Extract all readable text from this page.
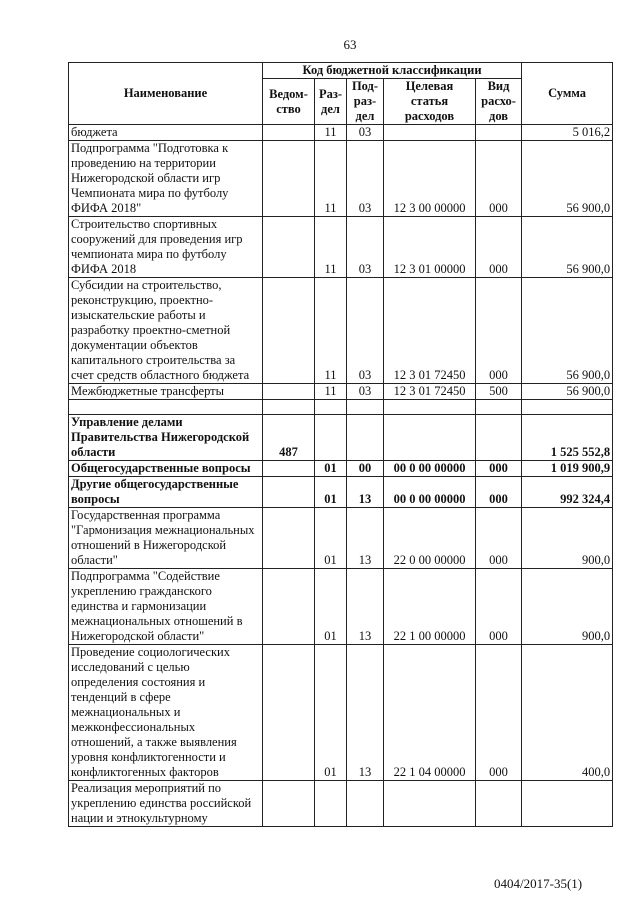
63
Наименование	Код бюджетной классификации					Сумма
	Ведом-ство	Раз-дел	Под-раз-дел	Целевая статья расходов	Вид расхо-дов	
бюджета		11	03			5 016,2
Подпрограмма "Подготовка к проведению на территории Нижегородской области игр Чемпионата мира по футболу ФИФА 2018"		11	03	12 3 00 00000	000	56 900,0
Строительство спортивных сооружений для проведения игр чемпионата мира по футболу ФИФА 2018		11	03	12 3 01 00000	000	56 900,0
Субсидии на строительство, реконструкцию, проектно-изыскательские работы и разработку проектно-сметной документации объектов капитального строительства за счет средств областного бюджета		11	03	12 3 01 72450	000	56 900,0
Межбюджетные трансферты		11	03	12 3 01 72450	500	56 900,0

Управление делами Правительства Нижегородской области	487					1 525 552,8
Общегосударственные вопросы		01	00	00 0 00 00000	000	1 019 900,9
Другие общегосударственные вопросы		01	13	00 0 00 00000	000	992 324,4
Государственная программа "Гармонизация межнациональных отношений в Нижегородской области"		01	13	22 0 00 00000	000	900,0
Подпрограмма "Содействие укреплению гражданского единства и гармонизации межнациональных отношений в Нижегородской области"		01	13	22 1 00 00000	000	900,0
Проведение социологических исследований с целью определения состояния и тенденций в сфере межнациональных и межконфессиональных отношений, а также выявления уровня конфликтогенности и конфликтогенных факторов		01	13	22 1 04 00000	000	400,0
Реализация мероприятий по укреплению единства российской нации и этнокультурному						
0404/2017-35(1)
